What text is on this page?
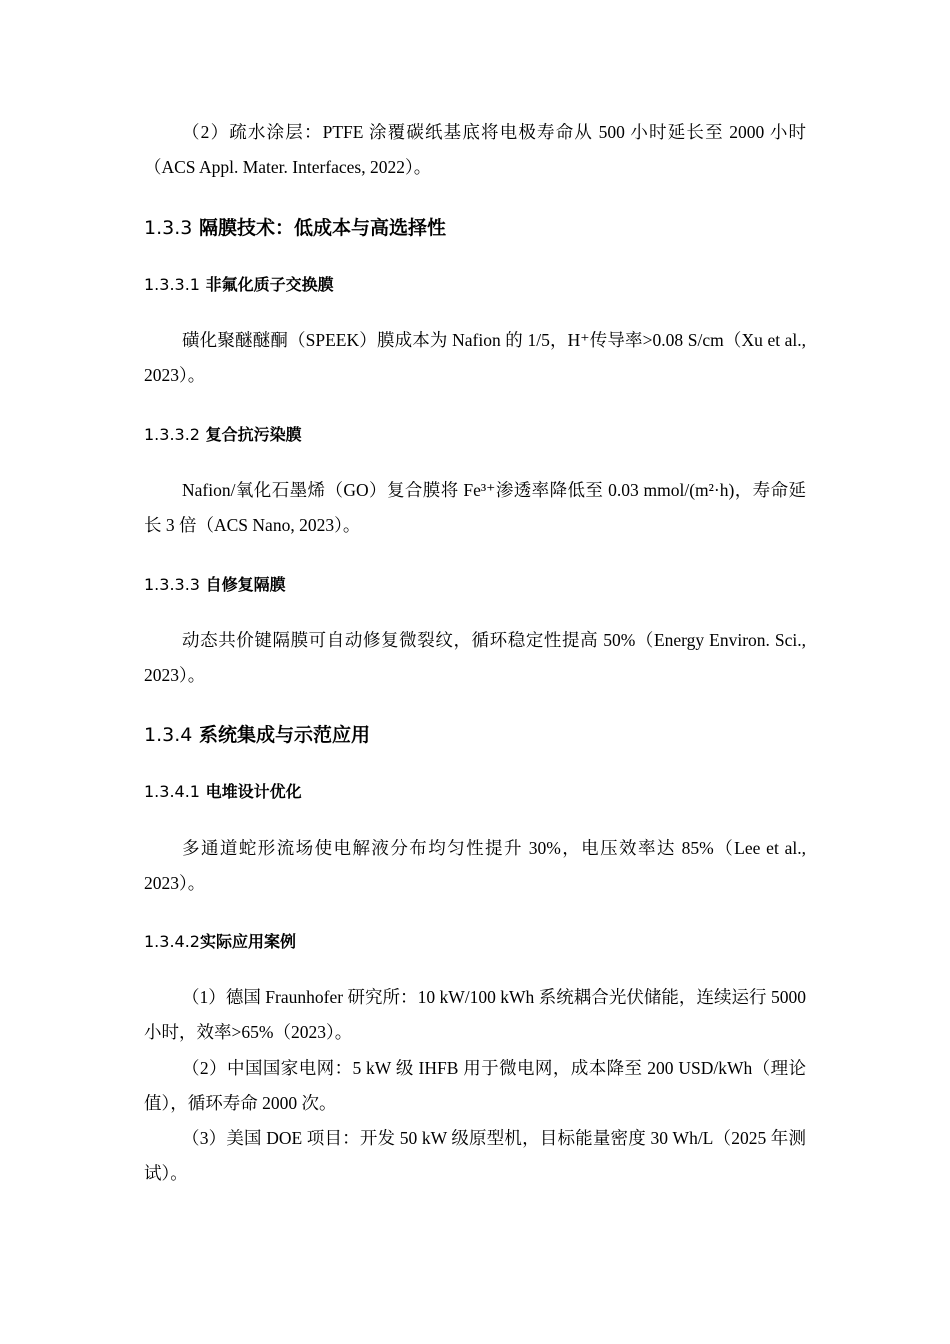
（2）疏水涂层：PTFE 涂覆碳纸基底将电极寿命从 500 小时延长至 2000 小时（ACS Appl. Mater. Interfaces, 2022）。

1.3.3 隔膜技术：低成本与高选择性
1.3.3.1 非氟化质子交换膜

磺化聚醚醚酮（SPEEK）膜成本为 Nafion 的 1/5，H⁺传导率>0.08 S/cm（Xu et al., 2023）。

1.3.3.2 复合抗污染膜

Nafion/氧化石墨烯（GO）复合膜将 Fe³⁺渗透率降低至 0.03 mmol/(m²·h)，寿命延长 3 倍（ACS Nano, 2023）。

1.3.3.3 自修复隔膜

动态共价键隔膜可自动修复微裂纹，循环稳定性提高 50%（Energy Environ. Sci., 2023）。

1.3.4 系统集成与示范应用
1.3.4.1 电堆设计优化

多通道蛇形流场使电解液分布均匀性提升 30%，电压效率达 85%（Lee et al., 2023）。

1.3.4.2实际应用案例

（1）德国 Fraunhofer 研究所：10 kW/100 kWh 系统耦合光伏储能，连续运行 5000 小时，效率>65%（2023）。

（2）中国国家电网：5 kW 级 IHFB 用于微电网，成本降至 200 USD/kWh（理论值），循环寿命 2000 次。

（3）美国 DOE 项目：开发 50 kW 级原型机，目标能量密度 30 Wh/L（2025 年测试）。
